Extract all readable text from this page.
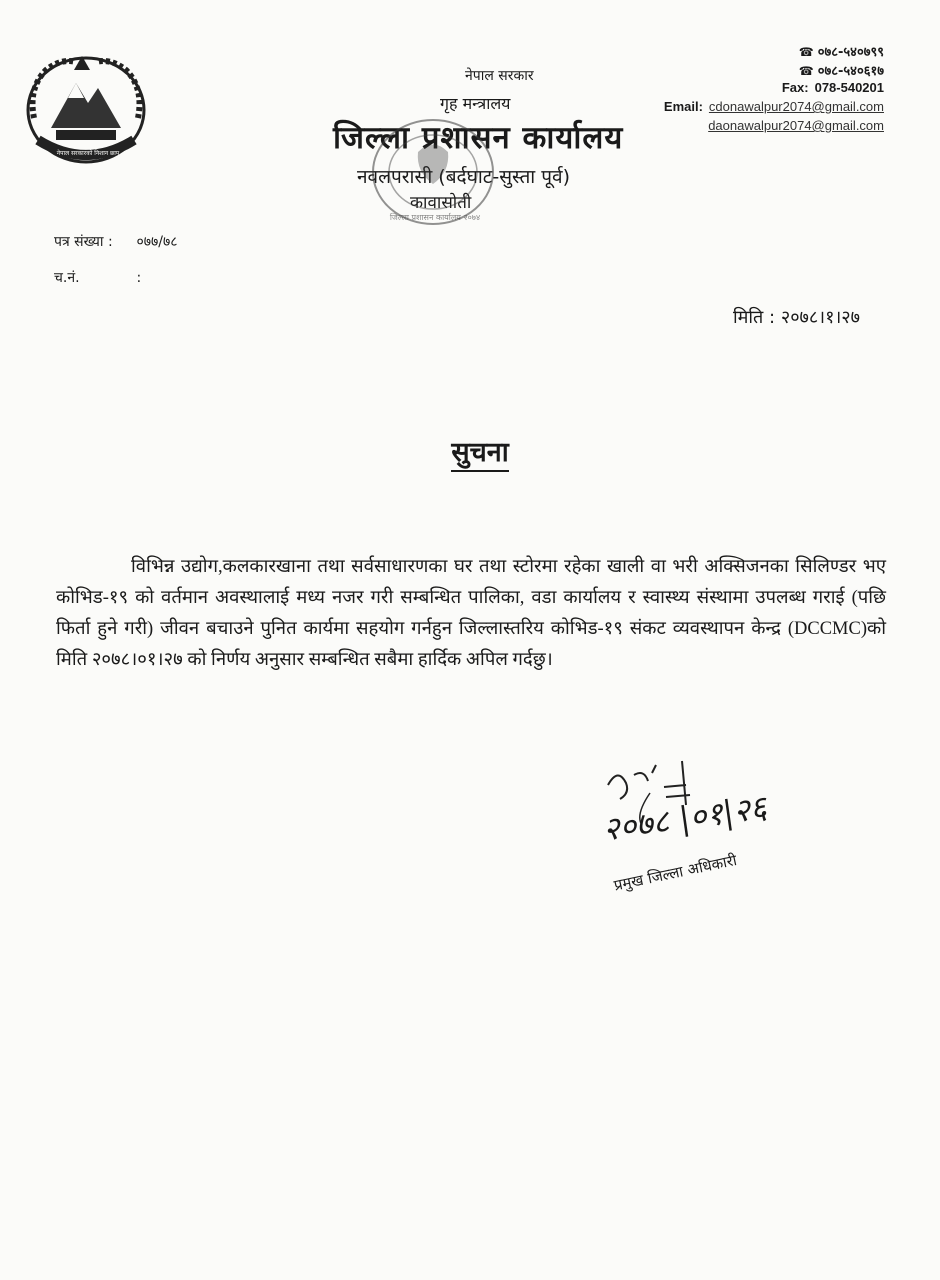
नेपाल सरकारको निशान छाप
नेपाल सरकार
गृह मन्त्रालय
जिल्ला प्रशासन कार्यालय
नवलपरासी (बर्दघाट-सुस्ता पूर्व)
कावासोती
जिल्ला प्रशासन कार्यालय २०७४
☎ ०७८-५४०७९९
☎ ०७८-५४०६१७
Fax: 078-540201
Email: cdonawalpur2074@gmail.com
daonawalpur2074@gmail.com
पत्र संख्या : ०७७/७८
च.नं.	:
मिति : २०७८।१।२७
सुचना
विभिन्न उद्योग,कलकारखाना तथा सर्वसाधारणका घर तथा स्टोरमा रहेका खाली वा भरी अक्सिजनका सिलिण्डर भए कोभिड-१९ को वर्तमान अवस्थालाई मध्य नजर गरी सम्बन्धित पालिका, वडा कार्यालय र स्वास्थ्य संस्थामा उपलब्ध गराई (पछि फिर्ता हुने गरी) जीवन बचाउने पुनित कार्यमा सहयोग गर्नहुन जिल्लास्तरिय कोभिड-१९ संकट व्यवस्थापन केन्द्र (DCCMC)को मिति २०७८।०१।२७ को निर्णय अनुसार सम्बन्धित सबैमा हार्दिक अपिल गर्दछु।
२०७८ |०१|२६
प्रमुख जिल्ला अधिकारी
